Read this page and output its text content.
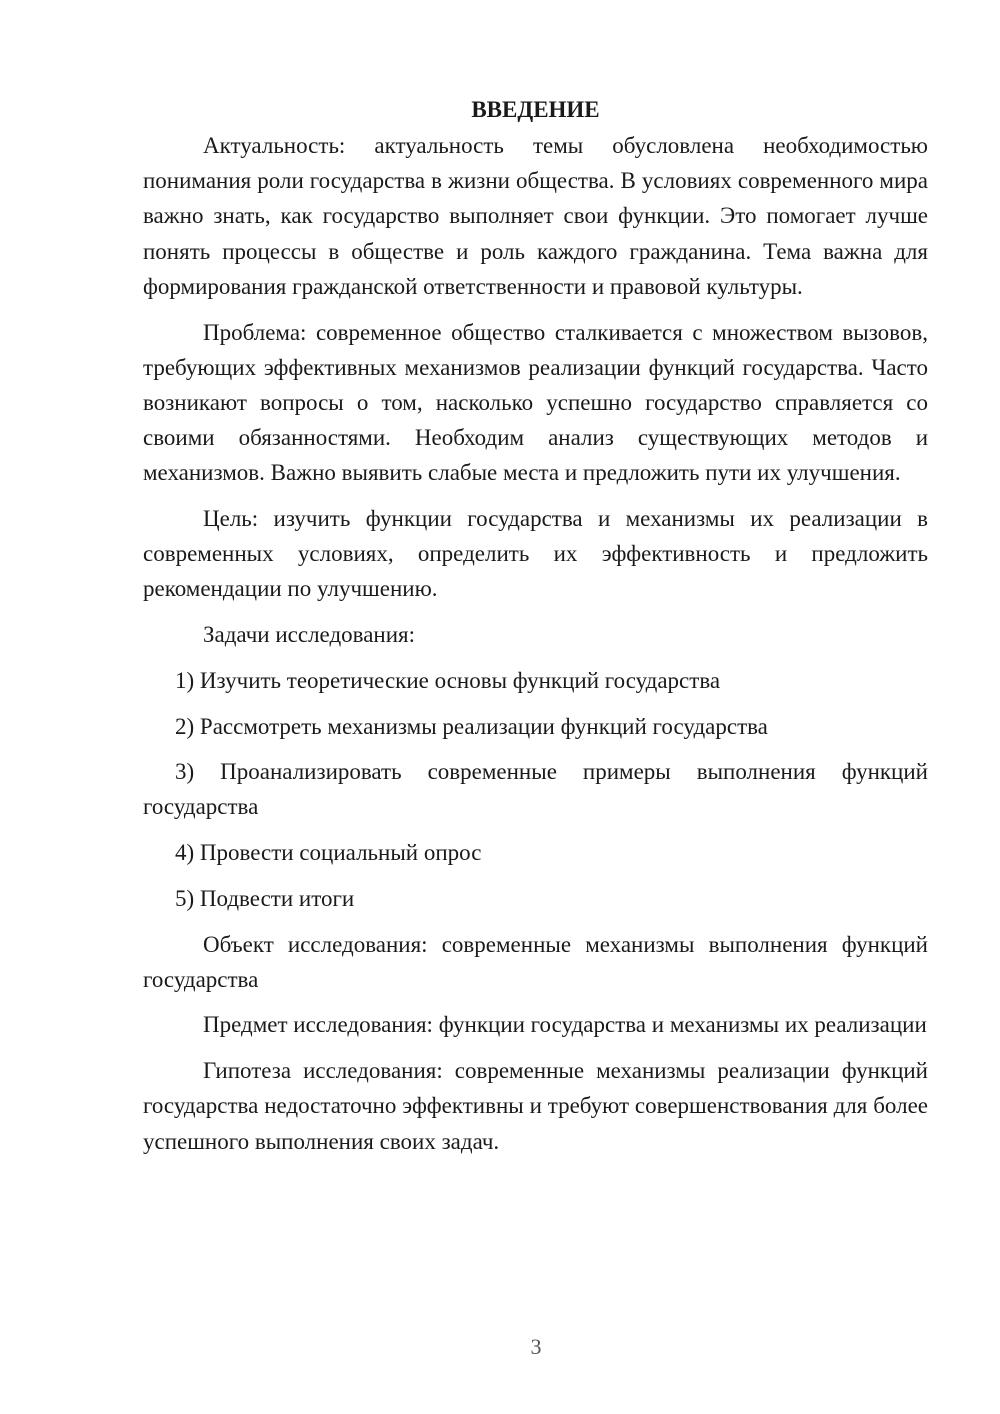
ВВЕДЕНИЕ

Актуальность: актуальность темы обусловлена необходимостью понимания роли государства в жизни общества. В условиях современного мира важно знать, как государство выполняет свои функции. Это помогает лучше понять процессы в обществе и роль каждого гражданина. Тема важна для формирования гражданской ответственности и правовой культуры.

Проблема: современное общество сталкивается с множеством вызовов, требующих эффективных механизмов реализации функций государства. Часто возникают вопросы о том, насколько успешно государство справляется со своими обязанностями. Необходим анализ существующих методов и механизмов. Важно выявить слабые места и предложить пути их улучшения.

Цель: изучить функции государства и механизмы их реализации в современных условиях, определить их эффективность и предложить рекомендации по улучшению.

Задачи исследования:

1) Изучить теоретические основы функций государства

2) Рассмотреть механизмы реализации функций государства

3) Проанализировать современные примеры выполнения функций государства

4) Провести социальный опрос

5) Подвести итоги

Объект исследования: современные механизмы выполнения функций государства

Предмет исследования: функции государства и механизмы их реализации

Гипотеза исследования: современные механизмы реализации функций государства недостаточно эффективны и требуют совершенствования для более успешного выполнения своих задач.

3
